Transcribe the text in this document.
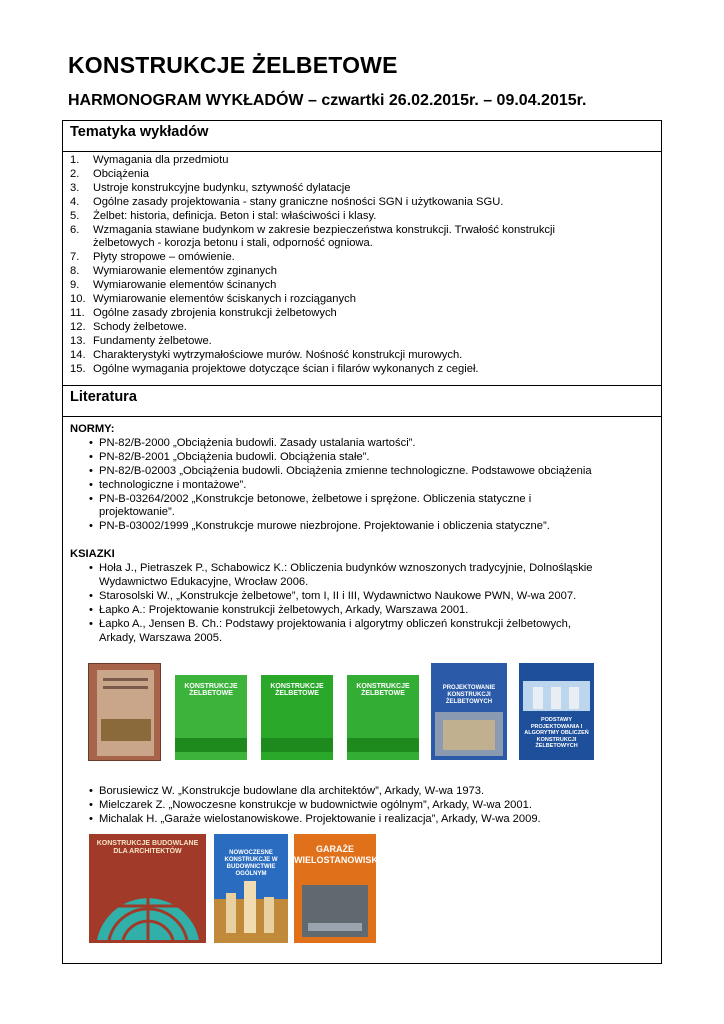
KONSTRUKCJE ŻELBETOWE
HARMONOGRAM WYKŁADÓW – czwartki 26.02.2015r. – 09.04.2015r.
Tematyka wykładów
1. Wymagania dla przedmiotu
2. Obciążenia
3. Ustroje konstrukcyjne budynku, sztywność dylatacje
4. Ogólne zasady projektowania - stany graniczne nośności SGN i użytkowania SGU.
5. Żelbet: historia, definicja. Beton i stal: właściwości i klasy.
6. Wzmagania stawiane budynkom w zakresie bezpieczeństwa konstrukcji. Trwałość konstrukcji
żelbetowych - korozja betonu i stali, odporność ogniowa.
7. Płyty stropowe – omówienie.
8. Wymiarowanie elementów zginanych
9. Wymiarowanie elementów ścinanych
10. Wymiarowanie elementów ściskanych i rozciąganych
11. Ogólne zasady zbrojenia konstrukcji żelbetowych
12. Schody żelbetowe.
13. Fundamenty żelbetowe.
14. Charakterystyki wytrzymałościowe murów. Nośność konstrukcji murowych.
15. Ogólne wymagania projektowe dotyczące ścian i filarów wykonanych z cegieł.
Literatura

NORMY:

• PN-82/B-2000 „Obciążenia budowli. Zasady ustalania wartości”.
• PN-82/B-2001 „Obciążenia budowli. Obciążenia stałe”.
• PN-82/B-02003 „Obciążenia budowli. Obciążenia zmienne technologiczne. Podstawowe obciążenia
• technologiczne i montażowe”.
• PN-B-03264/2002 „Konstrukcje betonowe, żelbetowe i sprężone. Obliczenia statyczne i
projektowanie”.
• PN-B-03002/1999 „Konstrukcje murowe niezbrojone. Projektowanie i obliczenia statyczne”.

KSIAZKI

• Hoła J., Pietraszek P., Schabowicz K.: Obliczenia budynków wznoszonych tradycyjnie, Dolnośląskie
Wydawnictwo Edukacyjne, Wrocław 2006.
• Starosolski W., „Konstrukcje żelbetowe”, tom I, II i III, Wydawnictwo Naukowe PWN, W-wa 2007.
• Łapko A.: Projektowanie konstrukcji żelbetowych, Arkady, Warszawa 2001.
• Łapko A., Jensen B. Ch.: Podstawy projektowania i algorytmy obliczeń konstrukcji żelbetowych,
Arkady, Warszawa 2005.
• Borusiewicz W. „Konstrukcje budowlane dla architektów”, Arkady, W-wa 1973.
• Mielczarek Z. „Nowoczesne konstrukcje w budownictwie ogólnym”, Arkady, W-wa 2001.
• Michalak H. „Garaże wielostanowiskowe. Projektowanie i realizacja”, Arkady, W-wa 2009.
KONSTRUKCJE ŻELBETOWE
KONSTRUKCJE ŻELBETOWE
KONSTRUKCJE ŻELBETOWE
PROJEKTOWANIE KONSTRUKCJI ŻELBETOWYCH
PODSTAWY PROJEKTOWANIA I ALGORYTMY OBLICZEŃ KONSTRUKCJI ŻELBETOWYCH
KONSTRUKCJE BUDOWLANE DLA ARCHITEKTÓW	NOWOCZESNE KONSTRUKCJE W BUDOWNICTWIE OGÓLNYM
GARAŻE WIELOSTANOWISKOWE
